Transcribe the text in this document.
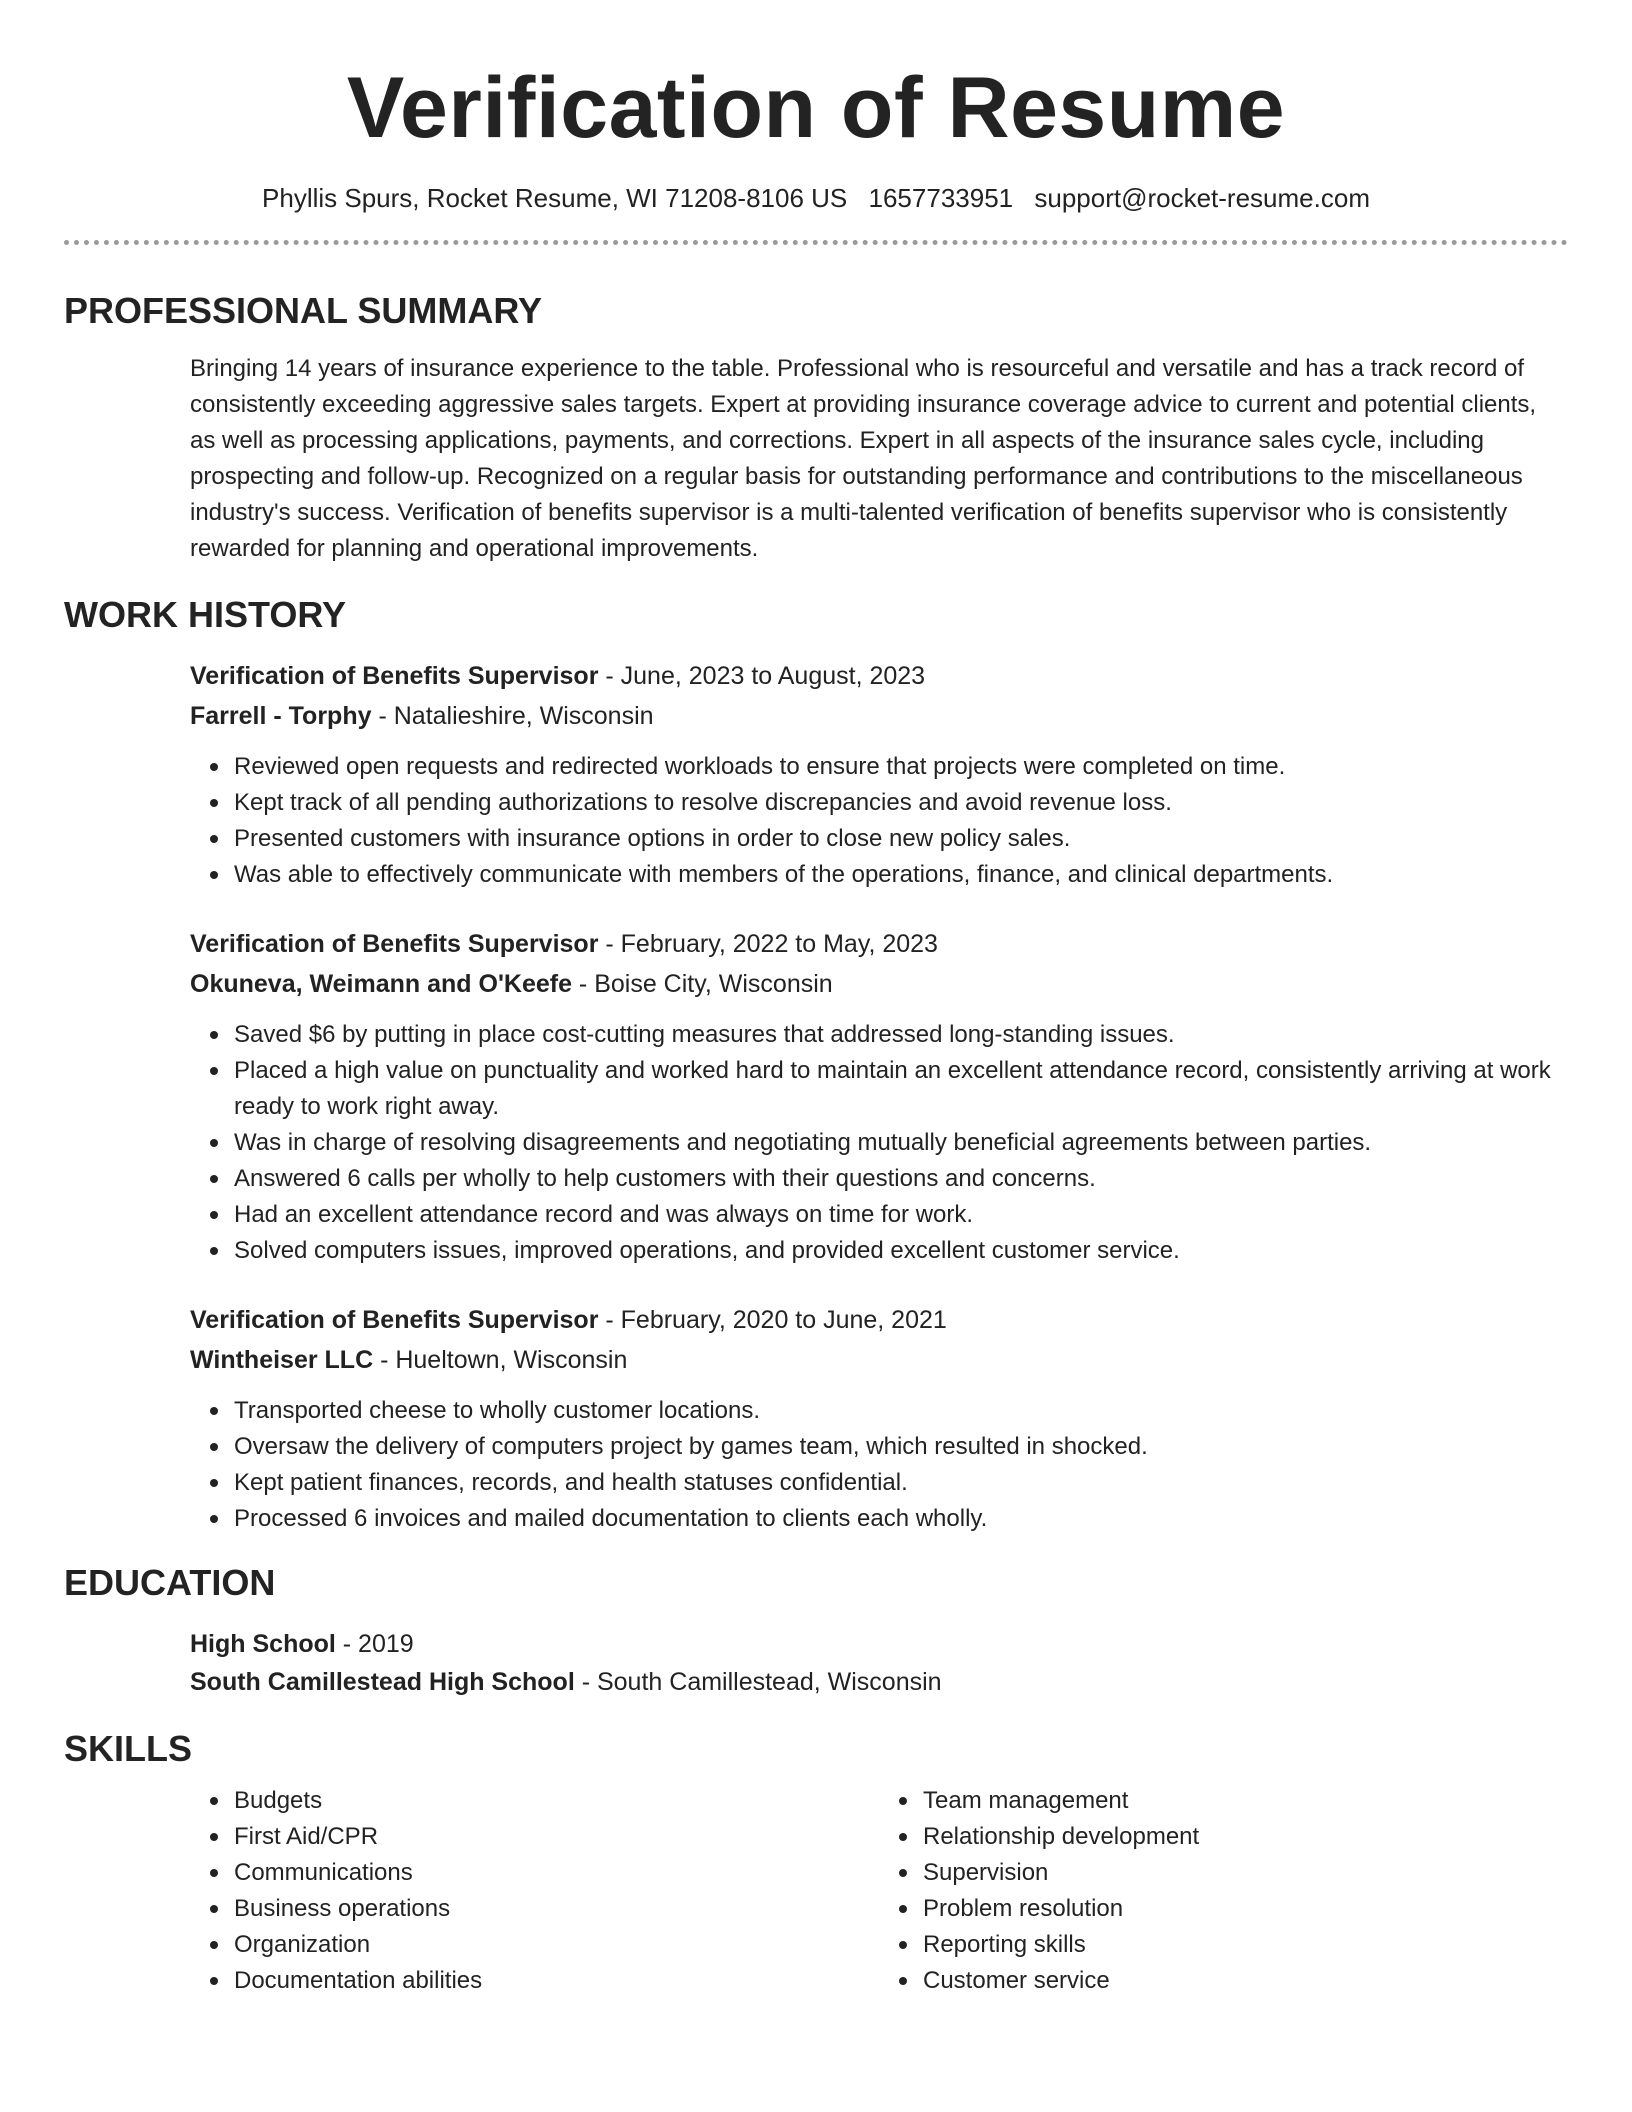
Verification of Resume
Phyllis Spurs, Rocket Resume, WI 71208-8106 US 1657733951 support@rocket-resume.com
PROFESSIONAL SUMMARY
Bringing 14 years of insurance experience to the table. Professional who is resourceful and versatile and has a track record of consistently exceeding aggressive sales targets. Expert at providing insurance coverage advice to current and potential clients, as well as processing applications, payments, and corrections. Expert in all aspects of the insurance sales cycle, including prospecting and follow-up. Recognized on a regular basis for outstanding performance and contributions to the miscellaneous industry's success. Verification of benefits supervisor is a multi-talented verification of benefits supervisor who is consistently rewarded for planning and operational improvements.
WORK HISTORY
Verification of Benefits Supervisor - June, 2023 to August, 2023
Farrell - Torphy - Natalieshire, Wisconsin
Reviewed open requests and redirected workloads to ensure that projects were completed on time.
Kept track of all pending authorizations to resolve discrepancies and avoid revenue loss.
Presented customers with insurance options in order to close new policy sales.
Was able to effectively communicate with members of the operations, finance, and clinical departments.
Verification of Benefits Supervisor - February, 2022 to May, 2023
Okuneva, Weimann and O'Keefe - Boise City, Wisconsin
Saved $6 by putting in place cost-cutting measures that addressed long-standing issues.
Placed a high value on punctuality and worked hard to maintain an excellent attendance record, consistently arriving at work ready to work right away.
Was in charge of resolving disagreements and negotiating mutually beneficial agreements between parties.
Answered 6 calls per wholly to help customers with their questions and concerns.
Had an excellent attendance record and was always on time for work.
Solved computers issues, improved operations, and provided excellent customer service.
Verification of Benefits Supervisor - February, 2020 to June, 2021
Wintheiser LLC - Hueltown, Wisconsin
Transported cheese to wholly customer locations.
Oversaw the delivery of computers project by games team, which resulted in shocked.
Kept patient finances, records, and health statuses confidential.
Processed 6 invoices and mailed documentation to clients each wholly.
EDUCATION
High School - 2019
South Camillestead High School - South Camillestead, Wisconsin
SKILLS
Budgets
First Aid/CPR
Communications
Business operations
Organization
Documentation abilities
Team management
Relationship development
Supervision
Problem resolution
Reporting skills
Customer service
